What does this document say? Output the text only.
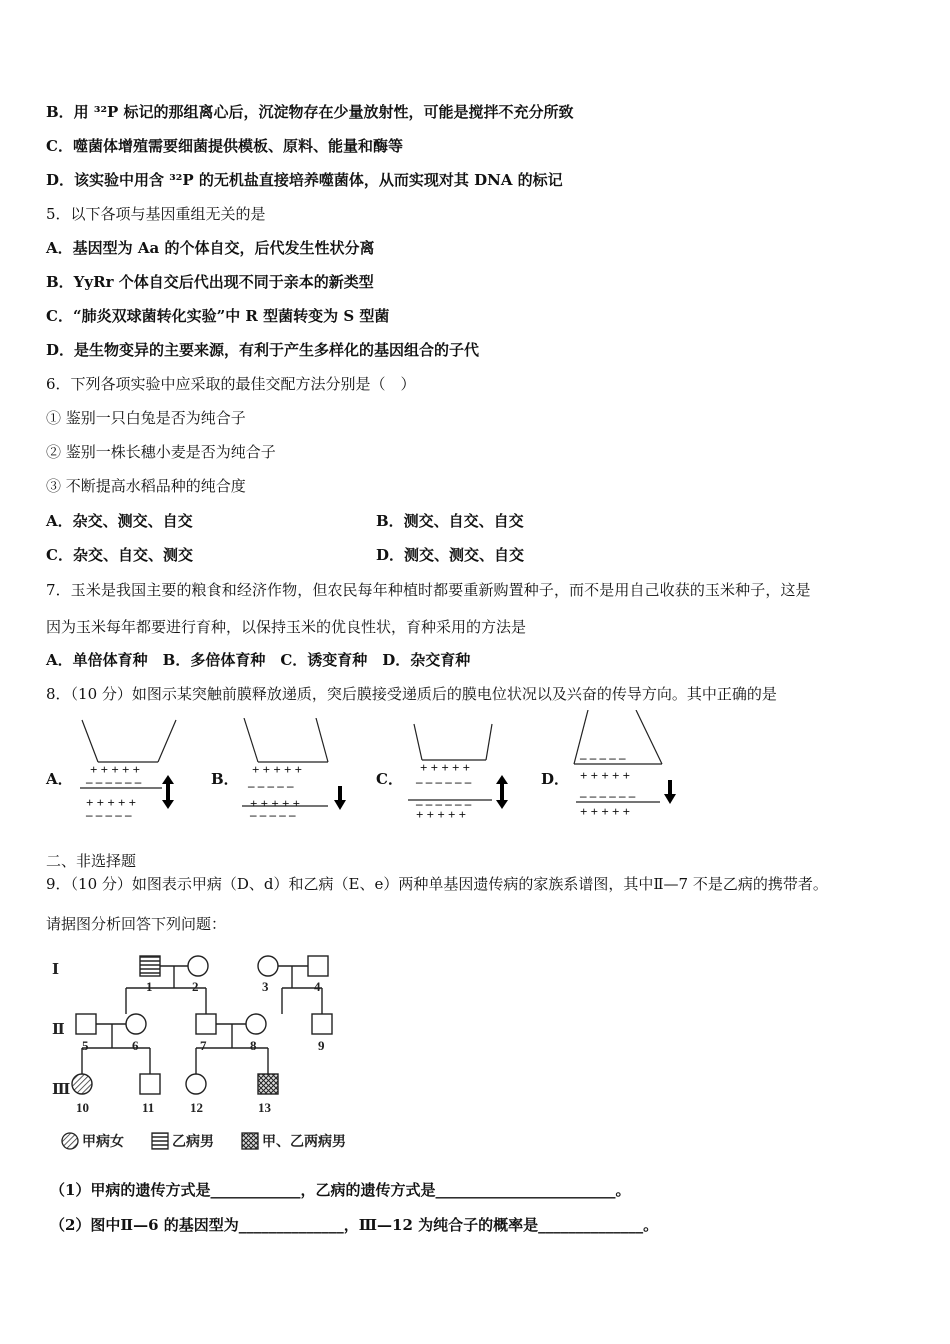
B．用 ³²P 标记的那组离心后，沉淀物存在少量放射性，可能是搅拌不充分所致
C．噬菌体增殖需要细菌提供模板、原料、能量和酶等
D．该实验中用含 ³²P 的无机盐直接培养噬菌体，从而实现对其 DNA 的标记
5．以下各项与基因重组无关的是
A．基因型为 Aa 的个体自交，后代发生性状分离
B．YyRr 个体自交后代出现不同于亲本的新类型
C．“肺炎双球菌转化实验”中 R 型菌转变为 S 型菌
D．是生物变异的主要来源，有利于产生多样化的基因组合的子代
6．下列各项实验中应采取的最佳交配方法分别是（　）
① 鉴别一只白兔是否为纯合子
② 鉴别一株长穗小麦是否为纯合子
③ 不断提高水稻品种的纯合度
A．杂交、测交、自交	B．测交、自交、自交
C．杂交、自交、测交	D．测交、测交、自交
7．玉米是我国主要的粮食和经济作物，但农民每年种植时都要重新购置种子，而不是用自己收获的玉米种子，这是
因为玉米每年都要进行育种，以保持玉米的优良性状，育种采用的方法是
A．单倍体育种　B．多倍体育种　C．诱变育种　D．杂交育种
8．（10 分）如图示某突触前膜释放递质，突后膜接受递质后的膜电位状况以及兴奋的传导方向。其中正确的是
A．	B．	C．	D．
+ + + + +
– – – – – –
+ + + + +
– – – – –
+ + + + +
– – – – –
+ + + + +
– – – – –
+ + + + +
– – – – – –
– – – – – –
+ + + + +
– – – – –
+ + + + +
– – – – – –
+ + + + +
二、非选择题
9．（10 分）如图表示甲病（D、d）和乙病（E、e）两种单基因遗传病的家族系谱图，其中Ⅱ—7 不是乙病的携带者。
请据图分析回答下列问题：
Ⅰ
Ⅱ
Ⅲ
1	2	3	4
5	6	7	8	9
10	11	12	13
甲病女	乙病男	甲、乙两病男
（1）甲病的遗传方式是____________，乙病的遗传方式是________________________。
（2）图中Ⅱ—6 的基因型为______________，Ⅲ—12 为纯合子的概率是______________。
